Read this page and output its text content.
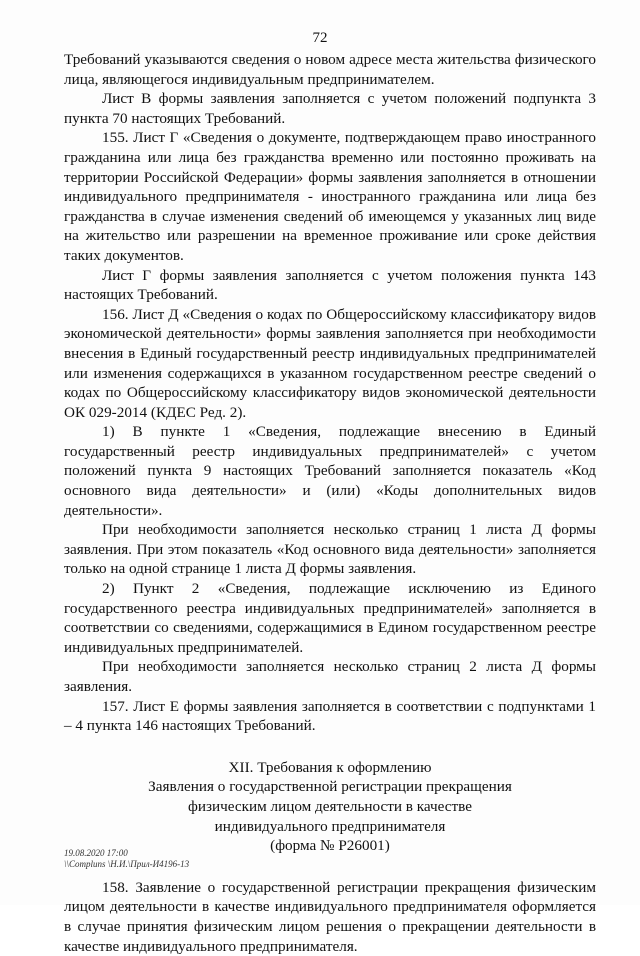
72

Требований указываются сведения о новом адресе места жительства физического лица, являющегося индивидуальным предпринимателем.

Лист В формы заявления заполняется с учетом положений подпункта 3 пункта 70 настоящих Требований.

155. Лист Г «Сведения о документе, подтверждающем право иностранного гражданина или лица без гражданства временно или постоянно проживать на территории Российской Федерации» формы заявления заполняется в отношении индивидуального предпринимателя - иностранного гражданина или лица без гражданства в случае изменения сведений об имеющемся у указанных лиц виде на жительство или разрешении на временное проживание или сроке действия таких документов.

Лист Г формы заявления заполняется с учетом положения пункта 143 настоящих Требований.

156. Лист Д «Сведения о кодах по Общероссийскому классификатору видов экономической деятельности» формы заявления заполняется при необходимости внесения в Единый государственный реестр индивидуальных предпринимателей или изменения содержащихся в указанном государственном реестре сведений о кодах по Общероссийскому классификатору видов экономической деятельности ОК 029-2014 (КДЕС Ред. 2).

1) В пункте 1 «Сведения, подлежащие внесению в Единый государственный реестр индивидуальных предпринимателей» с учетом положений пункта 9 настоящих Требований заполняется показатель «Код основного вида деятельности» и (или) «Коды дополнительных видов деятельности».

При необходимости заполняется несколько страниц 1 листа Д формы заявления. При этом показатель «Код основного вида деятельности» заполняется только на одной странице 1 листа Д формы заявления.

2) Пункт 2 «Сведения, подлежащие исключению из Единого государственного реестра индивидуальных предпринимателей» заполняется в соответствии со сведениями, содержащимися в Едином государственном реестре индивидуальных предпринимателей.

При необходимости заполняется несколько страниц 2 листа Д формы заявления.

157. Лист Е формы заявления заполняется в соответствии с подпунктами 1 – 4 пункта 146 настоящих Требований.

XII. Требования к оформлению
Заявления о государственной регистрации прекращения
физическим лицом деятельности в качестве
индивидуального предпринимателя
(форма № Р26001)

158. Заявление о государственной регистрации прекращения физическим лицом деятельности в качестве индивидуального предпринимателя оформляется в случае принятия физическим лицом решения о прекращении деятельности в качестве индивидуального предпринимателя.

19.08.2020 17:00
\\Compluns \Н.И.\Прил-И4196-13
